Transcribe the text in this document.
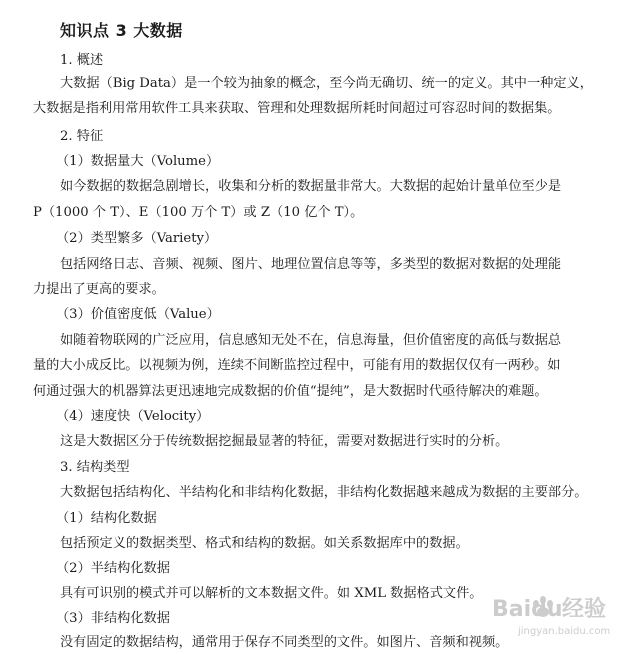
知识点 3 大数据
1. 概述
大数据（Big Data）是一个较为抽象的概念，至今尚无确切、统一的定义。其中一种定义，
大数据是指利用常用软件工具来获取、管理和处理数据所耗时间超过可容忍时间的数据集。
2. 特征
（1）数据量大（Volume）
如今数据的数据急剧增长，收集和分析的数据量非常大。大数据的起始计量单位至少是
P（1000 个 T）、E（100 万个 T）或 Z（10 亿个 T）。
（2）类型繁多（Variety）
包括网络日志、音频、视频、图片、地理位置信息等等，多类型的数据对数据的处理能
力提出了更高的要求。
（3）价值密度低（Value）
如随着物联网的广泛应用，信息感知无处不在，信息海量，但价值密度的高低与数据总
量的大小成反比。以视频为例，连续不间断监控过程中，可能有用的数据仅仅有一两秒。如
何通过强大的机器算法更迅速地完成数据的价值“提纯”，是大数据时代亟待解决的难题。
（4）速度快（Velocity）
这是大数据区分于传统数据挖掘最显著的特征，需要对数据进行实时的分析。
3. 结构类型
大数据包括结构化、半结构化和非结构化数据，非结构化数据越来越成为数据的主要部分。
（1）结构化数据
包括预定义的数据类型、格式和结构的数据。如关系数据库中的数据。
（2）半结构化数据
具有可识别的模式并可以解析的文本数据文件。如 XML 数据格式文件。
（3）非结构化数据
没有固定的数据结构，通常用于保存不同类型的文件。如图片、音频和视频。
Baidu 经验
jingyan.baidu.com
